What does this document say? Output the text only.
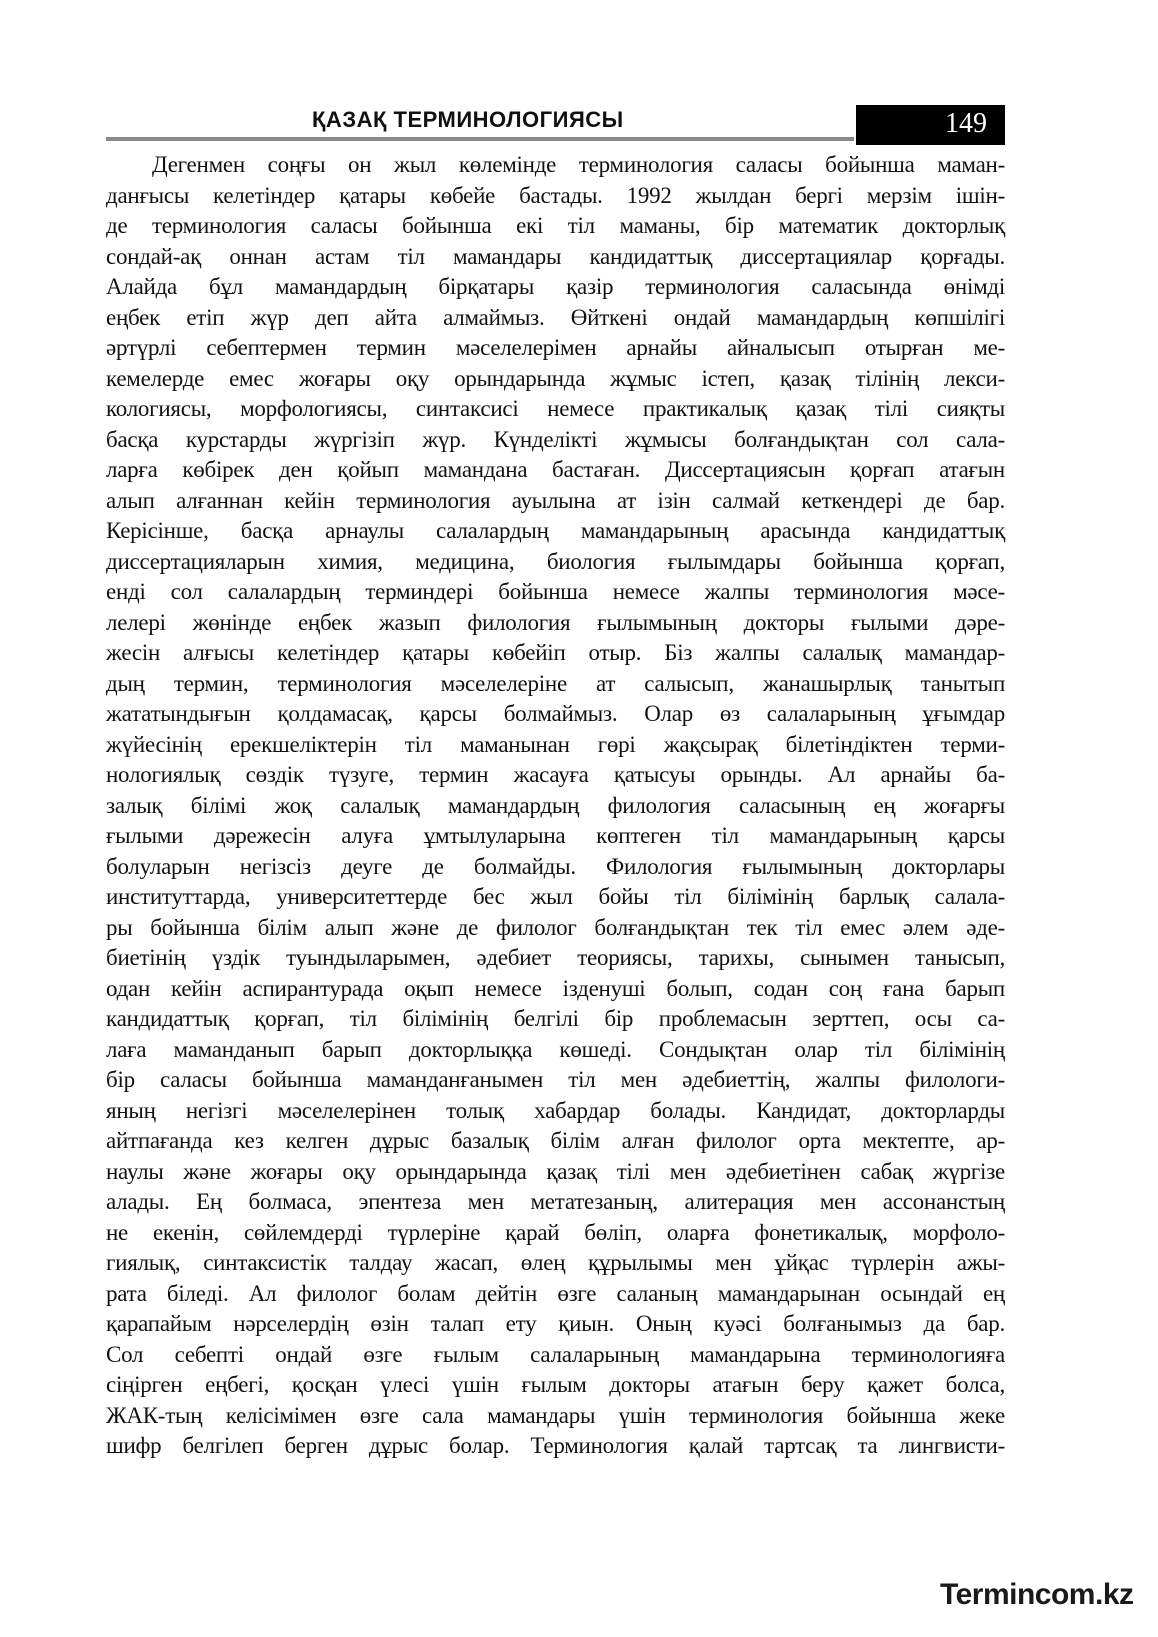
ҚАЗАҚ ТЕРМИНОЛОГИЯСЫ	149
Дегенмен соңғы он жыл көлемінде терминология саласы бойынша маман-
данғысы келетіндер қатары көбейе бастады. 1992 жылдан бергі мерзім ішін-
де терминология саласы бойынша екі тіл маманы, бір математик докторлық
сондай-ақ оннан астам тіл мамандары кандидаттық диссертациялар қорғады.
Алайда бұл мамандардың бірқатары қазір терминология саласында өнімді
еңбек етіп жүр деп айта алмаймыз. Өйткені ондай мамандардың көпшілігі
әртүрлі себептермен термин мәселелерімен арнайы айналысып отырған ме-
кемелерде емес жоғары оқу орындарында жұмыс істеп, қазақ тілінің лекси-
кологиясы, морфологиясы, синтаксисі немесе практикалық қазақ тілі сияқты
басқа курстарды жүргізіп жүр. Күнделікті жұмысы болғандықтан сол сала-
ларға көбірек ден қойып мамандана бастаған. Диссертациясын қорғап атағын
алып алғаннан кейін терминология ауылына ат ізін салмай кеткендері де бар.
Керісінше, басқа арнаулы салалардың мамандарының арасында кандидаттық
диссертацияларын химия, медицина, биология ғылымдары бойынша қорғап,
енді сол салалардың терминдері бойынша немесе жалпы терминология мәсе-
лелері жөнінде еңбек жазып филология ғылымының докторы ғылыми дәре-
жесін алғысы келетіндер қатары көбейіп отыр. Біз жалпы салалық мамандар-
дың термин, терминология мәселелеріне ат салысып, жанашырлық танытып
жататындығын қолдамасақ, қарсы болмаймыз. Олар өз салаларының ұғымдар
жүйесінің ерекшеліктерін тіл маманынан гөрі жақсырақ білетіндіктен терми-
нологиялық сөздік түзуге, термин жасауға қатысуы орынды. Ал арнайы ба-
залық білімі жоқ салалық мамандардың филология саласының ең жоғарғы
ғылыми дәрежесін алуға ұмтылуларына көптеген тіл мамандарының қарсы
болуларын негізсіз деуге де болмайды. Филология ғылымының докторлары
институттарда, университеттерде бес жыл бойы тіл білімінің барлық салала-
ры бойынша білім алып және де филолог болғандықтан тек тіл емес әлем әде-
биетінің үздік туындыларымен, әдебиет теориясы, тарихы, сынымен танысып,
одан кейін аспирантурада оқып немесе ізденуші болып, содан соң ғана барып
кандидаттық қорғап, тіл білімінің белгілі бір проблемасын зерттеп, осы са-
лаға маманданып барып докторлыққа көшеді. Сондықтан олар тіл білімінің
бір саласы бойынша маманданғанымен тіл мен әдебиеттің, жалпы филологи-
яның негізгі мәселелерінен толық хабардар болады. Кандидат, докторларды
айтпағанда кез келген дұрыс базалық білім алған филолог орта мектепте, ар-
наулы және жоғары оқу орындарында қазақ тілі мен әдебиетінен сабақ жүргізе
алады. Ең болмаса, эпентеза мен метатезаның, алитерация мен ассонанстың
не екенін, сөйлемдерді түрлеріне қарай бөліп, оларға фонетикалық, морфоло-
гиялық, синтаксистік талдау жасап, өлең құрылымы мен ұйқас түрлерін ажы-
рата біледі. Ал филолог болам дейтін өзге саланың мамандарынан осындай ең
қарапайым нәрселердің өзін талап ету қиын. Оның куәсі болғанымыз да бар.
Сол себепті ондай өзге ғылым салаларының мамандарына терминологияға
сіңірген еңбегі, қосқан үлесі үшін ғылым докторы атағын беру қажет болса,
ЖАК-тың келісімімен өзге сала мамандары үшін терминология бойынша жеке
шифр белгілеп берген дұрыс болар. Терминология қалай тартсақ та лингвисти-
Termincom.kz
